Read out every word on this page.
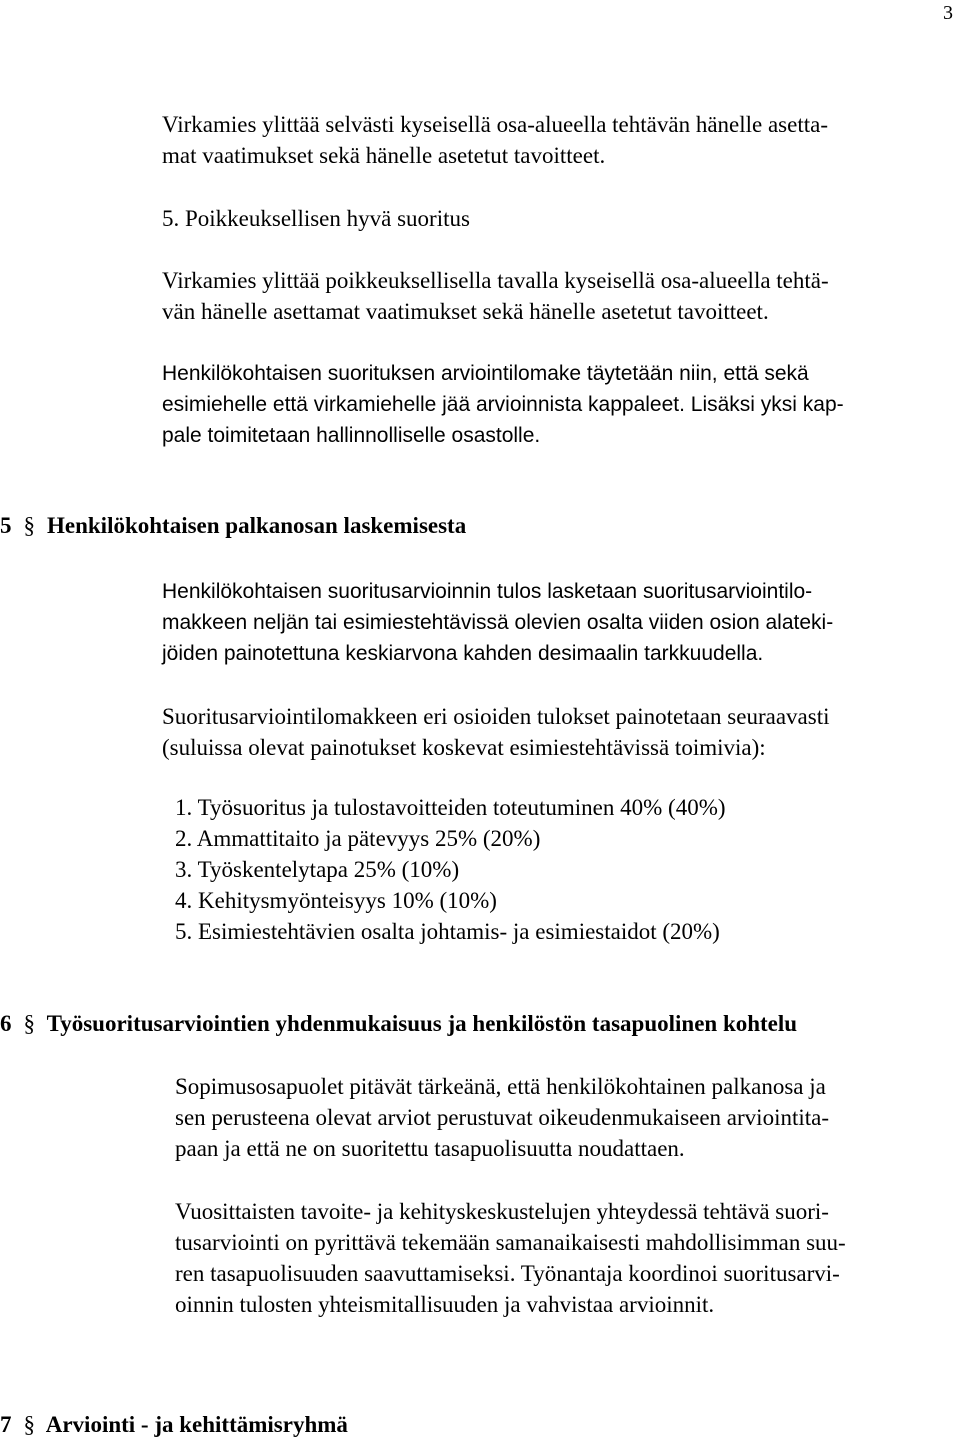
3
Virkamies ylittää selvästi kyseisellä osa-alueella tehtävän hänelle asetta-
mat vaatimukset sekä hänelle asetetut tavoitteet.
5. Poikkeuksellisen hyvä suoritus
Virkamies ylittää poikkeuksellisella tavalla kyseisellä osa-alueella tehtä-
vän hänelle asettamat vaatimukset sekä hänelle asetetut tavoitteet.
Henkilökohtaisen suorituksen arviointilomake täytetään niin, että sekä
esimiehelle että virkamiehelle jää arvioinnista kappaleet. Lisäksi yksi kap-
pale toimitetaan hallinnolliselle osastolle.
5 § Henkilökohtaisen palkanosan laskemisesta
Henkilökohtaisen suoritusarvioinnin tulos lasketaan suoritusarviointilo-
makkeen neljän tai esimiestehtävissä olevien osalta viiden osion alateki-
jöiden painotettuna keskiarvona kahden desimaalin tarkkuudella.
Suoritusarviointilomakkeen eri osioiden tulokset painotetaan seuraavasti
(suluissa olevat painotukset koskevat esimiestehtävissä toimivia):
1. Työsuoritus ja tulostavoitteiden toteutuminen 40% (40%)
2. Ammattitaito ja pätevyys 25% (20%)
3. Työskentelytapa 25% (10%)
4. Kehitysmyönteisyys 10% (10%)
5. Esimiestehtävien osalta johtamis- ja esimiestaidot (20%)
6 § Työsuoritusarviointien yhdenmukaisuus ja henkilöstön tasapuolinen kohtelu
Sopimusosapuolet pitävät tärkeänä, että henkilökohtainen palkanosa ja
sen perusteena olevat arviot perustuvat oikeudenmukaiseen arviointita-
paan ja että ne on suoritettu tasapuolisuutta noudattaen.
Vuosittaisten tavoite- ja kehityskeskustelujen yhteydessä tehtävä suori-
tusarviointi on pyrittävä tekemään samanaikaisesti mahdollisimman suu-
ren tasapuolisuuden saavuttamiseksi. Työnantaja koordinoi suoritusarvi-
oinnin tulosten yhteismitallisuuden ja vahvistaa arvioinnit.
7 § Arviointi - ja kehittämisryhmä
